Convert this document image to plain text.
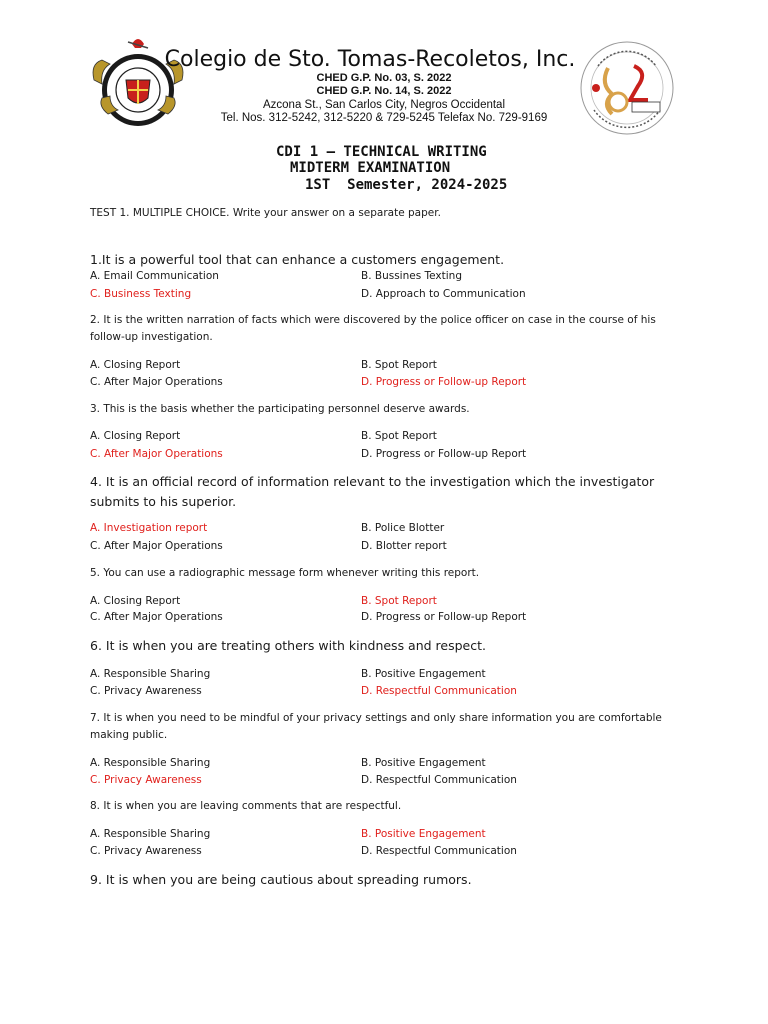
Colegio de Sto. Tomas-Recoletos, Inc.
CHED G.P. No. 03, S. 2022
CHED G.P. No. 14, S. 2022
Azcona St., San Carlos City, Negros Occidental
Tel. Nos. 312-5242, 312-5220 & 729-5245 Telefax No. 729-9169
CDI 1 – TECHNICAL WRITING
MIDTERM EXAMINATION
1ST  Semester, 2024-2025
TEST 1. MULTIPLE CHOICE. Write your answer on a separate paper.
1.It is a powerful tool that can enhance a customers engagement.
A. Email Communication	B. Bussines Texting
C. Business Texting	D. Approach to Communication
2. It is the written narration of facts which were discovered by the police officer on case in the course of his follow-up investigation.
A. Closing Report	B. Spot Report
C. After Major Operations	D. Progress or Follow-up Report
3. This is the basis whether the participating personnel deserve awards.
A. Closing Report	B. Spot Report
C. After Major Operations	D. Progress or Follow-up Report
4. It is an official record of information relevant to the investigation which the investigator submits to his superior.
A. Investigation report	B. Police Blotter
C. After Major Operations	D. Blotter report
5. You can use a radiographic message form whenever writing this report.
A. Closing Report	B. Spot Report
C. After Major Operations	D. Progress or Follow-up Report
6. It is when you are treating others with kindness and respect.
A. Responsible Sharing	B. Positive Engagement
C. Privacy Awareness	D. Respectful Communication
7. It is when you need to be mindful of your privacy settings and only share information you are comfortable making public.
A. Responsible Sharing	B. Positive Engagement
C. Privacy Awareness	D. Respectful Communication
8. It is when you are leaving comments that are respectful.
A. Responsible Sharing	B. Positive Engagement
C. Privacy Awareness	D. Respectful Communication
9. It is when you are being cautious about spreading rumors.
